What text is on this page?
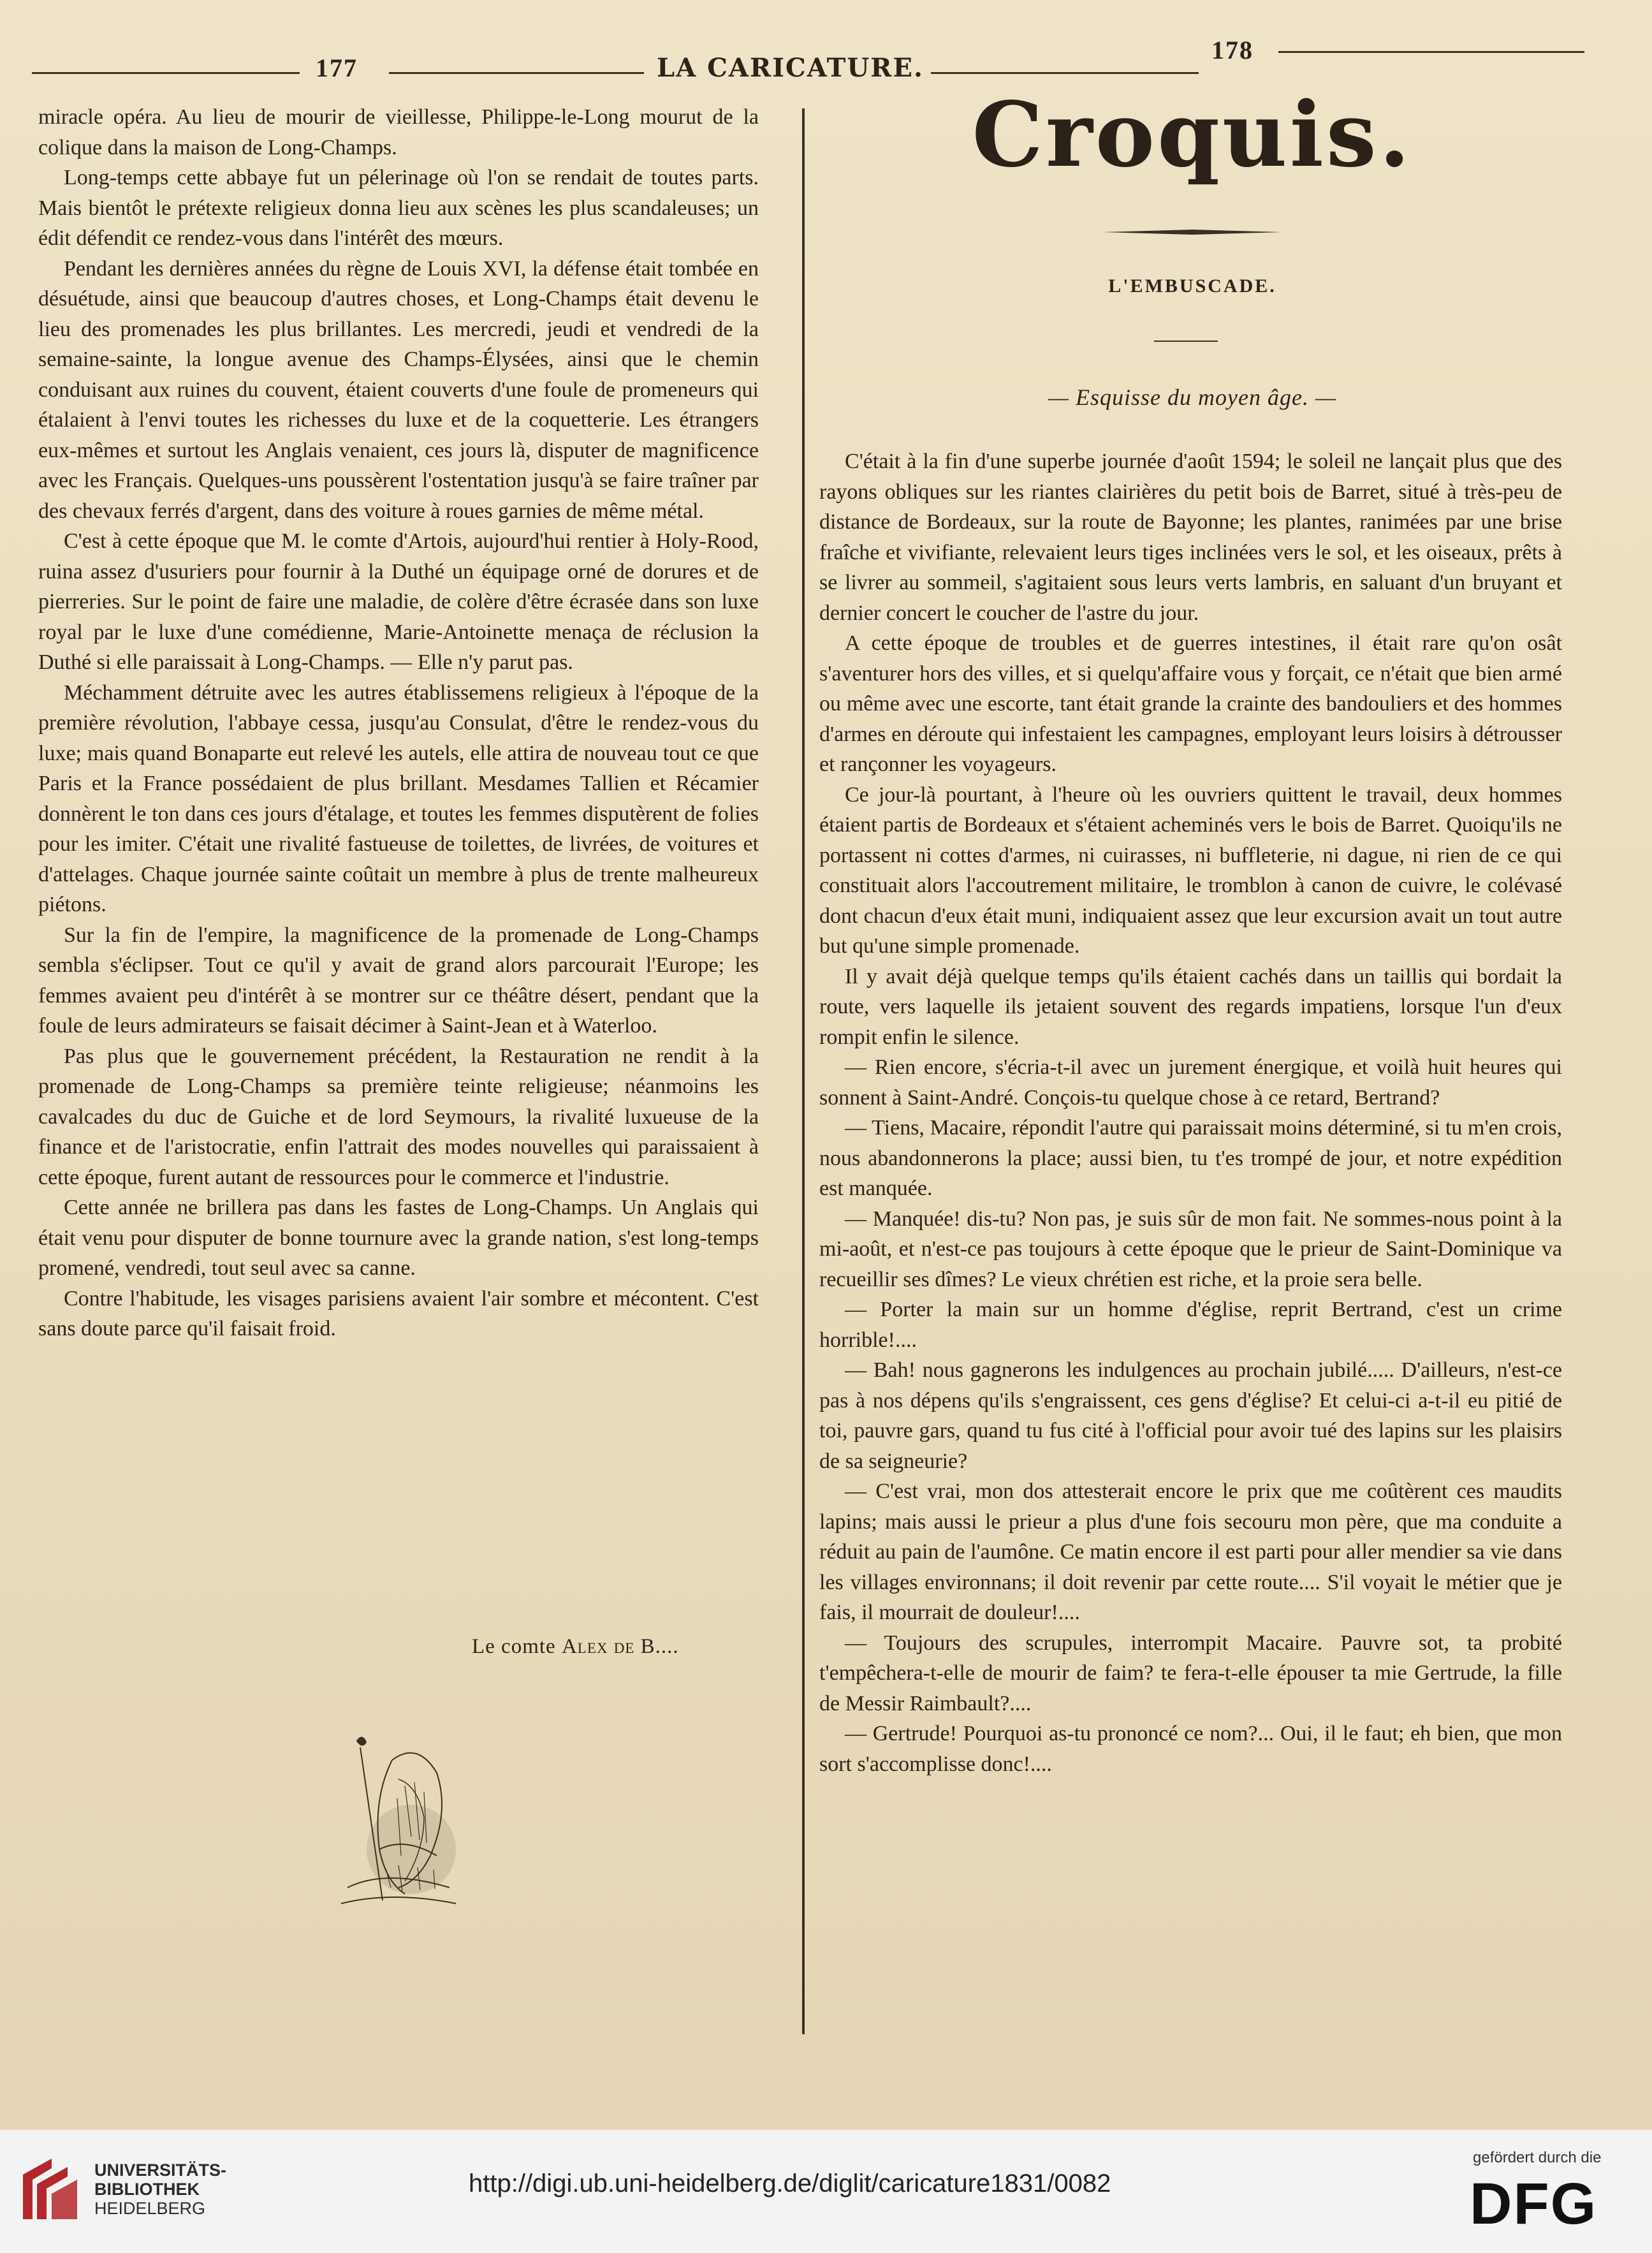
177	LA CARICATURE.
178

miracle opéra. Au lieu de mourir de vieillesse, Philippe-le-Long mourut de la colique dans la maison de Long-Champs.

Long-temps cette abbaye fut un pélerinage où l'on se rendait de toutes parts. Mais bientôt le prétexte religieux donna lieu aux scènes les plus scandaleuses; un édit défendit ce rendez-vous dans l'intérêt des mœurs.

Pendant les dernières années du règne de Louis XVI, la défense était tombée en désuétude, ainsi que beaucoup d'autres choses, et Long-Champs était devenu le lieu des promenades les plus brillantes. Les mercredi, jeudi et vendredi de la semaine-sainte, la longue avenue des Champs-Élysées, ainsi que le chemin conduisant aux ruines du couvent, étaient couverts d'une foule de promeneurs qui étalaient à l'envi toutes les richesses du luxe et de la coquetterie. Les étrangers eux-mêmes et surtout les Anglais venaient, ces jours là, disputer de magnificence avec les Français. Quelques-uns poussèrent l'ostentation jusqu'à se faire traîner par des chevaux ferrés d'argent, dans des voiture à roues garnies de même métal.

C'est à cette époque que M. le comte d'Artois, aujourd'hui rentier à Holy-Rood, ruina assez d'usuriers pour fournir à la Duthé un équipage orné de dorures et de pierreries. Sur le point de faire une maladie, de colère d'être écrasée dans son luxe royal par le luxe d'une comédienne, Marie-Antoinette menaça de réclusion la Duthé si elle paraissait à Long-Champs. — Elle n'y parut pas.

Méchamment détruite avec les autres établissemens religieux à l'époque de la première révolution, l'abbaye cessa, jusqu'au Consulat, d'être le rendez-vous du luxe; mais quand Bonaparte eut relevé les autels, elle attira de nouveau tout ce que Paris et la France possédaient de plus brillant. Mesdames Tallien et Récamier donnèrent le ton dans ces jours d'étalage, et toutes les femmes disputèrent de folies pour les imiter. C'était une rivalité fastueuse de toilettes, de livrées, de voitures et d'attelages. Chaque journée sainte coûtait un membre à plus de trente malheureux piétons.

Sur la fin de l'empire, la magnificence de la promenade de Long-Champs sembla s'éclipser. Tout ce qu'il y avait de grand alors parcourait l'Europe; les femmes avaient peu d'intérêt à se montrer sur ce théâtre désert, pendant que la foule de leurs admirateurs se faisait décimer à Saint-Jean et à Waterloo.

Pas plus que le gouvernement précédent, la Restauration ne rendit à la promenade de Long-Champs sa première teinte religieuse; néanmoins les cavalcades du duc de Guiche et de lord Seymours, la rivalité luxueuse de la finance et de l'aristocratie, enfin l'attrait des modes nouvelles qui paraissaient à cette époque, furent autant de ressources pour le commerce et l'industrie.

Cette année ne brillera pas dans les fastes de Long-Champs. Un Anglais qui était venu pour disputer de bonne tournure avec la grande nation, s'est long-temps promené, vendredi, tout seul avec sa canne.

Contre l'habitude, les visages parisiens avaient l'air sombre et mécontent. C'est sans doute parce qu'il faisait froid.

Le comte Alex de B....
Croquis.
L'EMBUSCADE.
— Esquisse du moyen âge. —

C'était à la fin d'une superbe journée d'août 1594; le soleil ne lançait plus que des rayons obliques sur les riantes clairières du petit bois de Barret, situé à très-peu de distance de Bordeaux, sur la route de Bayonne; les plantes, ranimées par une brise fraîche et vivifiante, relevaient leurs tiges inclinées vers le sol, et les oiseaux, prêts à se livrer au sommeil, s'agitaient sous leurs verts lambris, en saluant d'un bruyant et dernier concert le coucher de l'astre du jour.

A cette époque de troubles et de guerres intestines, il était rare qu'on osât s'aventurer hors des villes, et si quelqu'affaire vous y forçait, ce n'était que bien armé ou même avec une escorte, tant était grande la crainte des bandouliers et des hommes d'armes en déroute qui infestaient les campagnes, employant leurs loisirs à détrousser et rançonner les voyageurs.

Ce jour-là pourtant, à l'heure où les ouvriers quittent le travail, deux hommes étaient partis de Bordeaux et s'étaient acheminés vers le bois de Barret. Quoiqu'ils ne portassent ni cottes d'armes, ni cuirasses, ni buffleterie, ni dague, ni rien de ce qui constituait alors l'accoutrement militaire, le tromblon à canon de cuivre, le colévasé dont chacun d'eux était muni, indiquaient assez que leur excursion avait un tout autre but qu'une simple promenade.

Il y avait déjà quelque temps qu'ils étaient cachés dans un taillis qui bordait la route, vers laquelle ils jetaient souvent des regards impatiens, lorsque l'un d'eux rompit enfin le silence.

— Rien encore, s'écria-t-il avec un jurement énergique, et voilà huit heures qui sonnent à Saint-André. Conçois-tu quelque chose à ce retard, Bertrand?

— Tiens, Macaire, répondit l'autre qui paraissait moins déterminé, si tu m'en crois, nous abandonnerons la place; aussi bien, tu t'es trompé de jour, et notre expédition est manquée.

— Manquée! dis-tu? Non pas, je suis sûr de mon fait. Ne sommes-nous point à la mi-août, et n'est-ce pas toujours à cette époque que le prieur de Saint-Dominique va recueillir ses dîmes? Le vieux chrétien est riche, et la proie sera belle.

— Porter la main sur un homme d'église, reprit Bertrand, c'est un crime horrible!....

— Bah! nous gagnerons les indulgences au prochain jubilé..... D'ailleurs, n'est-ce pas à nos dépens qu'ils s'engraissent, ces gens d'église? Et celui-ci a-t-il eu pitié de toi, pauvre gars, quand tu fus cité à l'official pour avoir tué des lapins sur les plaisirs de sa seigneurie?

— C'est vrai, mon dos attesterait encore le prix que me coûtèrent ces maudits lapins; mais aussi le prieur a plus d'une fois secouru mon père, que ma conduite a réduit au pain de l'aumône. Ce matin encore il est parti pour aller mendier sa vie dans les villages environnans; il doit revenir par cette route.... S'il voyait le métier que je fais, il mourrait de douleur!....

— Toujours des scrupules, interrompit Macaire. Pauvre sot, ta probité t'empêchera-t-elle de mourir de faim? te fera-t-elle épouser ta mie Gertrude, la fille de Messir Raimbault?....

— Gertrude! Pourquoi as-tu prononcé ce nom?... Oui, il le faut; eh bien, que mon sort s'accomplisse donc!....

UNIVERSITÄTS-
BIBLIOTHEK
HEIDELBERG
http://digi.ub.uni-heidelberg.de/diglit/caricature1831/0082
gefördert durch die
DFG
